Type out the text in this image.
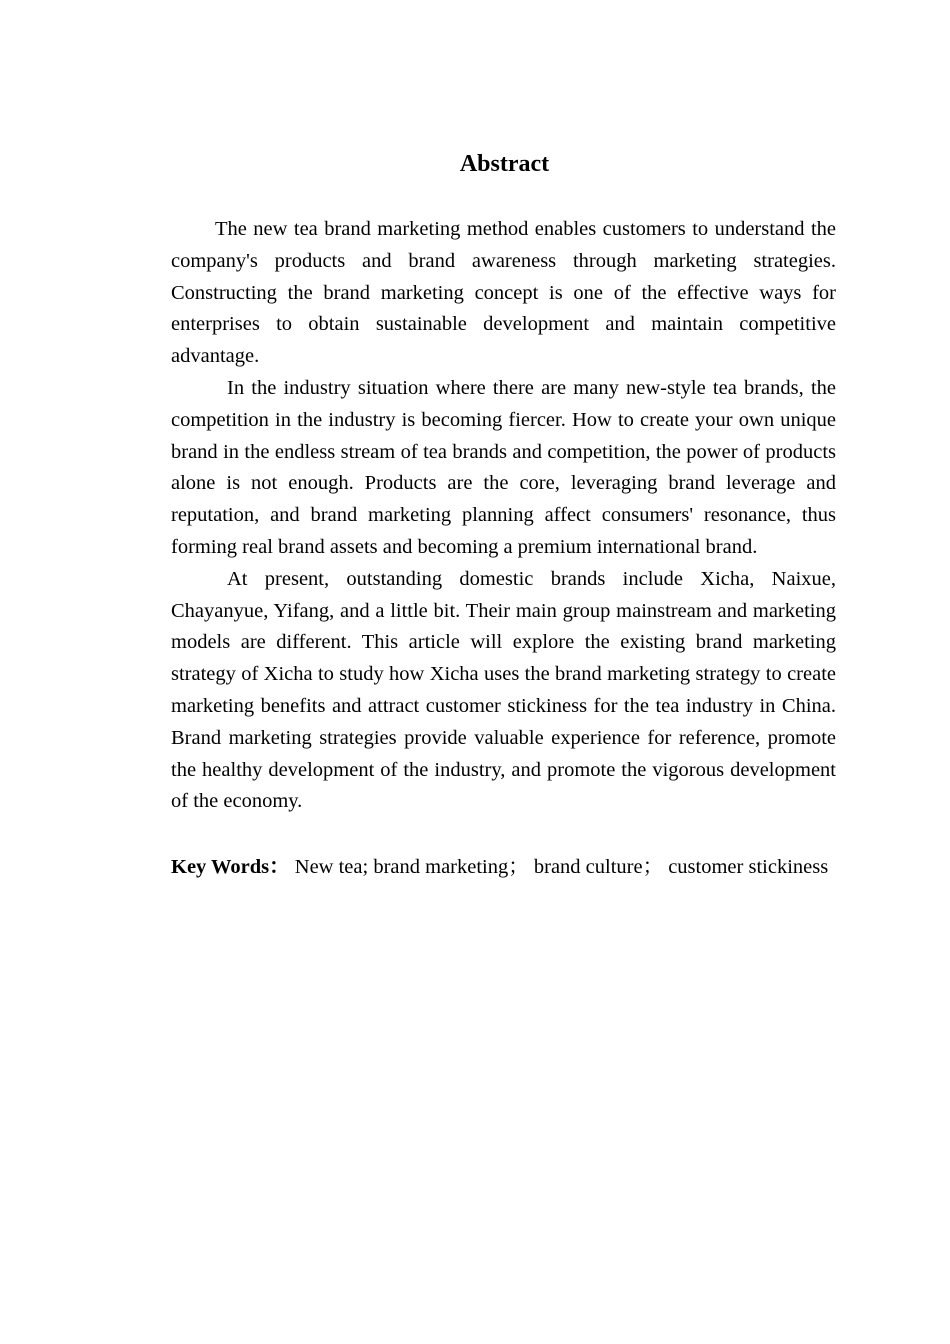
Abstract

The new tea brand marketing method enables customers to understand the company's products and brand awareness through marketing strategies. Constructing the brand marketing concept is one of the effective ways for enterprises to obtain sustainable development and maintain competitive advantage.

In the industry situation where there are many new-style tea brands, the competition in the industry is becoming fiercer. How to create your own unique brand in the endless stream of tea brands and competition, the power of products alone is not enough. Products are the core, leveraging brand leverage and reputation, and brand marketing planning affect consumers' resonance, thus forming real brand assets and becoming a premium international brand.

At present, outstanding domestic brands include Xicha, Naixue, Chayanyue, Yifang, and a little bit. Their main group mainstream and marketing models are different. This article will explore the existing brand marketing strategy of Xicha to study how Xicha uses the brand marketing strategy to create marketing benefits and attract customer stickiness for the tea industry in China. Brand marketing strategies provide valuable experience for reference, promote the healthy development of the industry, and promote the vigorous development of the economy.

Key Words： New tea; brand marketing； brand culture； customer stickiness
